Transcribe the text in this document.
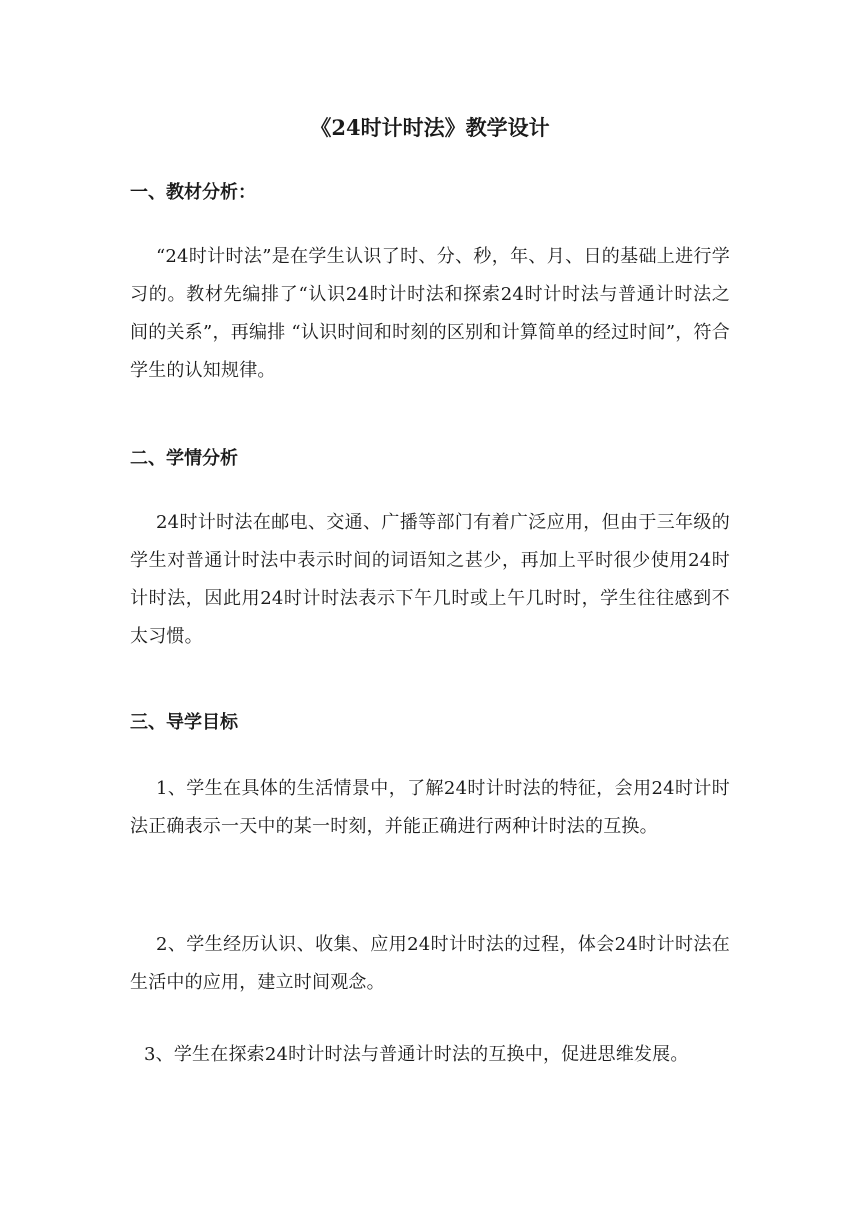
《24时计时法》教学设计
一、教材分析：
“24时计时法”是在学生认识了时、分、秒，年、月、日的基础上进行学习的。教材先编排了“认识24时计时法和探索24时计时法与普通计时法之间的关系”，再编排 “认识时间和时刻的区别和计算简单的经过时间”，符合学生的认知规律。
二、学情分析
24时计时法在邮电、交通、广播等部门有着广泛应用，但由于三年级的学生对普通计时法中表示时间的词语知之甚少，再加上平时很少使用24时计时法，因此用24时计时法表示下午几时或上午几时时，学生往往感到不太习惯。
三、导学目标
1、学生在具体的生活情景中，了解24时计时法的特征，会用24时计时法正确表示一天中的某一时刻，并能正确进行两种计时法的互换。
2、学生经历认识、收集、应用24时计时法的过程，体会24时计时法在生活中的应用，建立时间观念。
3、学生在探索24时计时法与普通计时法的互换中，促进思维发展。
